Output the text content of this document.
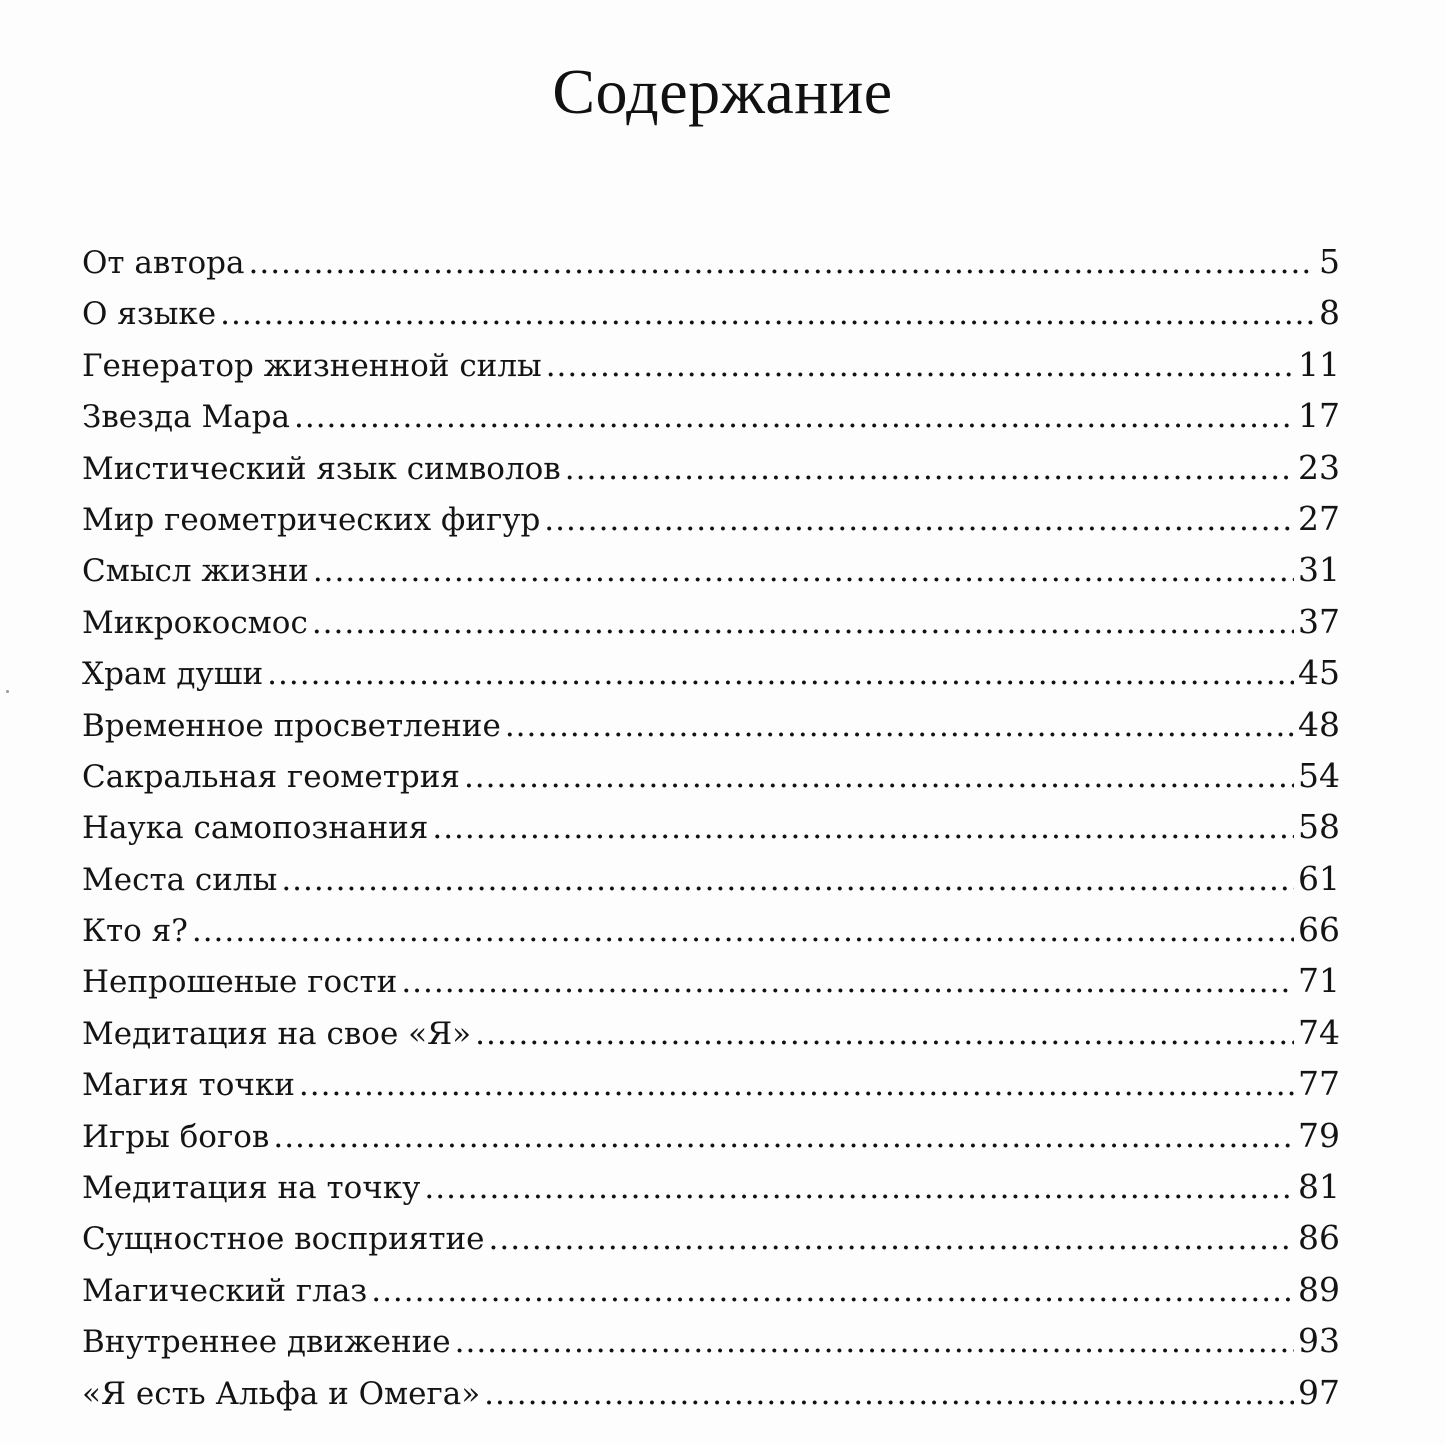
Содержание
От автора .....	5
О языке .....	8
Генератор жизненной силы .....	11
Звезда Мара .....	17
Мистический язык символов .....	23
Мир геометрических фигур .....	27
Смысл жизни .....	31
Микрокосмос .....	37
Храм души .....	45
Временное просветление .....	48
Сакральная геометрия .....	54
Наука самопознания .....	58
Места силы .....	61
Кто я? .....	66
Непрошеные гости .....	71
Медитация на свое «Я» .....	74
Магия точки .....	77
Игры богов .....	79
Медитация на точку .....	81
Сущностное восприятие .....	86
Магический глаз .....	89
Внутреннее движение .....	93
«Я есть Альфа и Омега» .....	97
